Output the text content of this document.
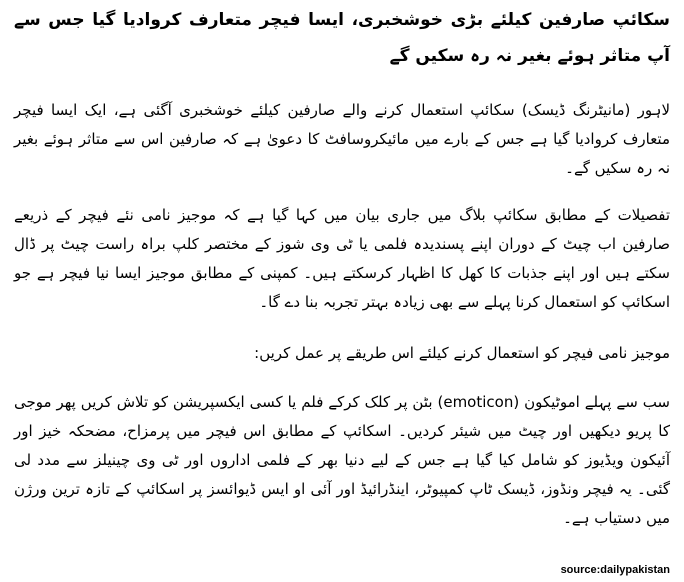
سکائپ صارفین کیلئے بڑی خوشخبری، ایسا فیچر متعارف کروادیا گیا جس سے آپ متاثر ہوئے بغیر نہ رہ سکیں گے

لاہور (مانیٹرنگ ڈیسک) سکائپ استعمال کرنے والے صارفین کیلئے خوشخبری آگئی ہے، ایک ایسا فیچر متعارف کروادیا گیا ہے جس کے بارے میں مائیکروسافٹ کا دعویٰ ہے کہ صارفین اس سے متاثر ہوئے بغیر نہ رہ سکیں گے۔

تفصیلات کے مطابق سکائپ بلاگ میں جاری بیان میں کہا گیا ہے کہ موجیز نامی نئے فیچر کے ذریعے صارفین اب چیٹ کے دوران اپنے پسندیدہ فلمی یا ٹی وی شوز کے مختصر کلپ براہ راست چیٹ پر ڈال سکتے ہیں اور اپنے جذبات کا کھل کا اظہار کرسکتے ہیں۔ کمپنی کے مطابق موجیز ایسا نیا فیچر ہے جو اسکائپ کو استعمال کرنا پہلے سے بھی زیادہ بہتر تجربہ بنا دے گا۔

موجیز نامی فیچر کو استعمال کرنے کیلئے اس طریقے پر عمل کریں:

سب سے پہلے اموٹیکون (emoticon) بٹن پر کلک کرکے فلم یا کسی ایکسپریشن کو تلاش کریں پھر موجی کا پریو دیکھیں اور چیٹ میں شیئر کردیں۔ اسکائپ کے مطابق اس فیچر میں پرمزاح، مضحکہ خیز اور آئیکون ویڈیوز کو شامل کیا گیا ہے جس کے لیے دنیا بھر کے فلمی اداروں اور ٹی وی چینیلز سے مدد لی گئی۔ یہ فیچر ونڈوز، ڈیسک ٹاپ کمپیوٹر، اینڈرائیڈ اور آئی او ایس ڈیوائسز پر اسکائپ کے تازہ ترین ورژن میں دستیاب ہے۔

source:dailypakistan
